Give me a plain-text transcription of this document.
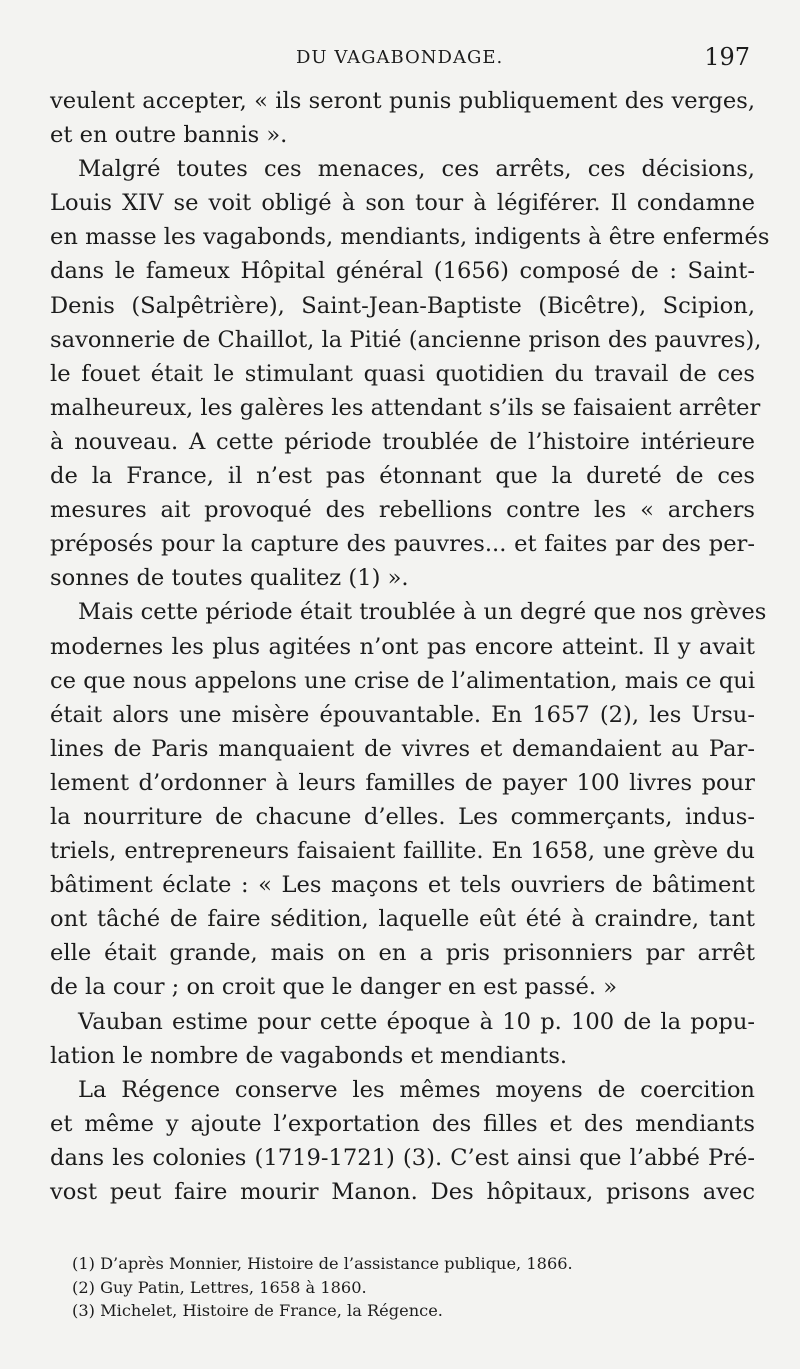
DU VAGABONDAGE.	197
veulent accepter, « ils seront punis publiquement des verges,
et en outre bannis ».
Malgré toutes ces menaces, ces arrêts, ces décisions,
Louis XIV se voit obligé à son tour à légiférer. Il condamne
en masse les vagabonds, mendiants, indigents à être enfermés
dans le fameux Hôpital général (1656) composé de : Saint-
Denis (Salpêtrière), Saint-Jean-Baptiste (Bicêtre), Scipion,
savonnerie de Chaillot, la Pitié (ancienne prison des pauvres),
le fouet était le stimulant quasi quotidien du travail de ces
malheureux, les galères les attendant s’ils se faisaient arrêter
à nouveau. A cette période troublée de l’histoire intérieure
de la France, il n’est pas étonnant que la dureté de ces
mesures ait provoqué des rebellions contre les « archers
préposés pour la capture des pauvres... et faites par des per-
sonnes de toutes qualitez (1) ».
Mais cette période était troublée à un degré que nos grèves
modernes les plus agitées n’ont pas encore atteint. Il y avait
ce que nous appelons une crise de l’alimentation, mais ce qui
était alors une misère épouvantable. En 1657 (2), les Ursu-
lines de Paris manquaient de vivres et demandaient au Par-
lement d’ordonner à leurs familles de payer 100 livres pour
la nourriture de chacune d’elles. Les commerçants, indus-
triels, entrepreneurs faisaient faillite. En 1658, une grève du
bâtiment éclate : « Les maçons et tels ouvriers de bâtiment
ont tâché de faire sédition, laquelle eût été à craindre, tant
elle était grande, mais on en a pris prisonniers par arrêt
de la cour ; on croit que le danger en est passé. »
Vauban estime pour cette époque à 10 p. 100 de la popu-
lation le nombre de vagabonds et mendiants.
La Régence conserve les mêmes moyens de coercition
et même y ajoute l’exportation des filles et des mendiants
dans les colonies (1719-1721) (3). C’est ainsi que l’abbé Pré-
vost peut faire mourir Manon. Des hôpitaux, prisons avec
(1) D’après Monnier, Histoire de l’assistance publique, 1866.
(2) Guy Patin, Lettres, 1658 à 1860.
(3) Michelet, Histoire de France, la Régence.
